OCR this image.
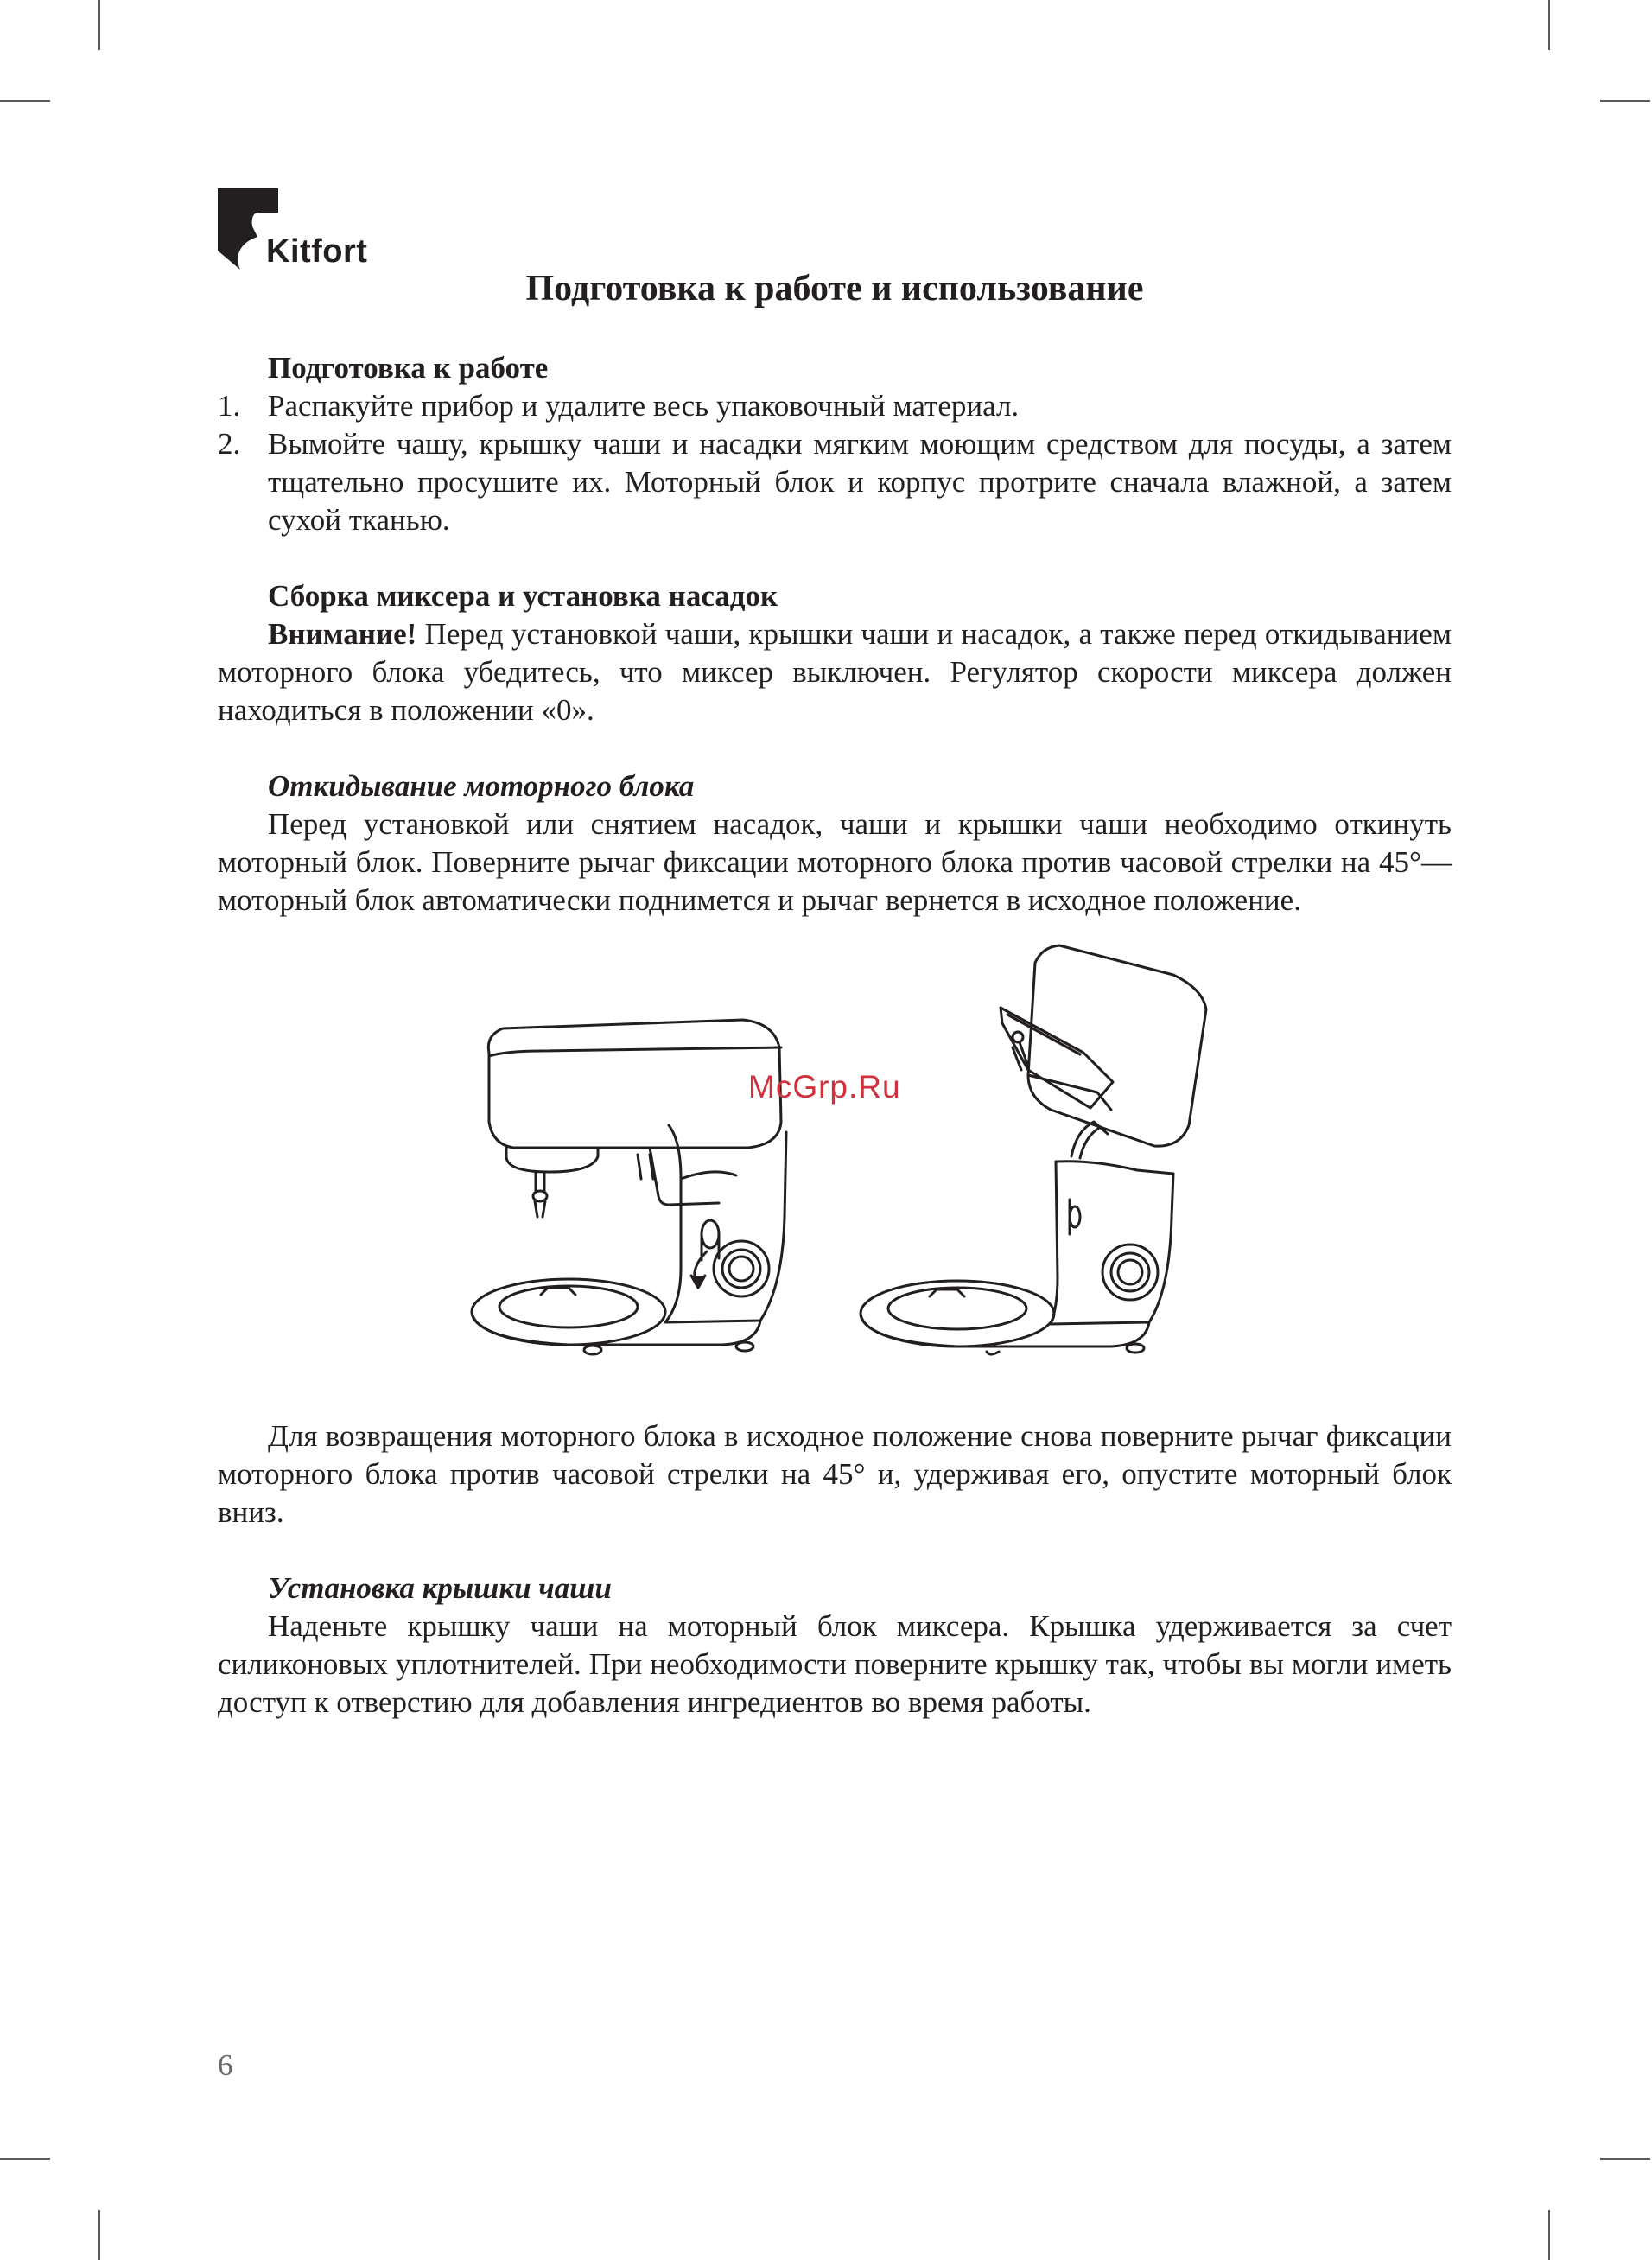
Kitfort
Подготовка к работе и использование

Подготовка к работе

1. Распакуйте прибор и удалите весь упаковочный материал.
2. Вымойте чашу, крышку чаши и насадки мягким моющим средством для посуды, а затем тщательно просушите их. Моторный блок и корпус протрите сначала влажной, а затем сухой тканью.

Сборка миксера и установка насадок

Внимание! Перед установкой чаши, крышки чаши и насадок, а также перед откидыванием моторного блока убедитесь, что миксер выключен. Регулятор скорости миксера должен находиться в положении «0».

Откидывание моторного блока

Перед установкой или снятием насадок, чаши и крышки чаши необходимо откинуть моторный блок. Поверните рычаг фиксации моторного блока против часовой стрелки на 45°— моторный блок автоматически поднимется и рычаг вернется в исходное положение.

McGrp.Ru

Для возвращения моторного блока в исходное положение снова поверните рычаг фиксации моторного блока против часовой стрелки на 45° и, удерживая его, опустите моторный блок вниз.

Установка крышки чаши

Наденьте крышку чаши на моторный блок миксера. Крышка удерживается за счет силиконовых уплотнителей. При необходимости поверните крышку так, чтобы вы могли иметь доступ к отверстию для добавления ингредиентов во время работы.

6
